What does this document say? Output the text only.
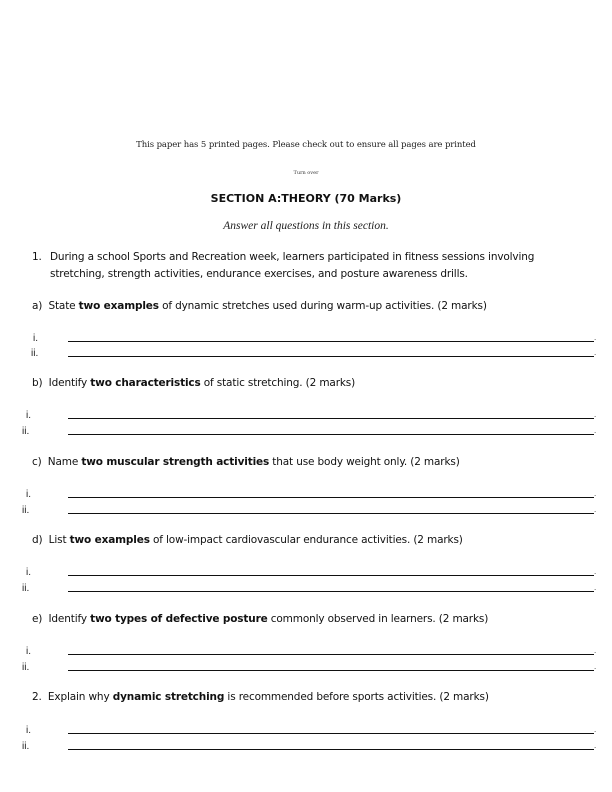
This paper has 5 printed pages. Please check out to ensure all pages are printed
Turn over
SECTION A:THEORY (70 Marks)
Answer all questions in this section.
1. During a school Sports and Recreation week, learners participated in fitness sessions involving
stretching, strength activities, endurance exercises, and posture awareness drills.
a) State two examples of dynamic stretches used during warm-up activities. (2 marks)
i.	.
ii.	.
b) Identify two characteristics of static stretching. (2 marks)
i.	.
ii.	.
c) Name two muscular strength activities that use body weight only. (2 marks)
i.	.
ii.	.
d) List two examples of low-impact cardiovascular endurance activities. (2 marks)
i.	.
ii.	.
e) Identify two types of defective posture commonly observed in learners. (2 marks)
i.	.
ii.	.
2. Explain why dynamic stretching is recommended before sports activities. (2 marks)
i.	.
ii.	.
